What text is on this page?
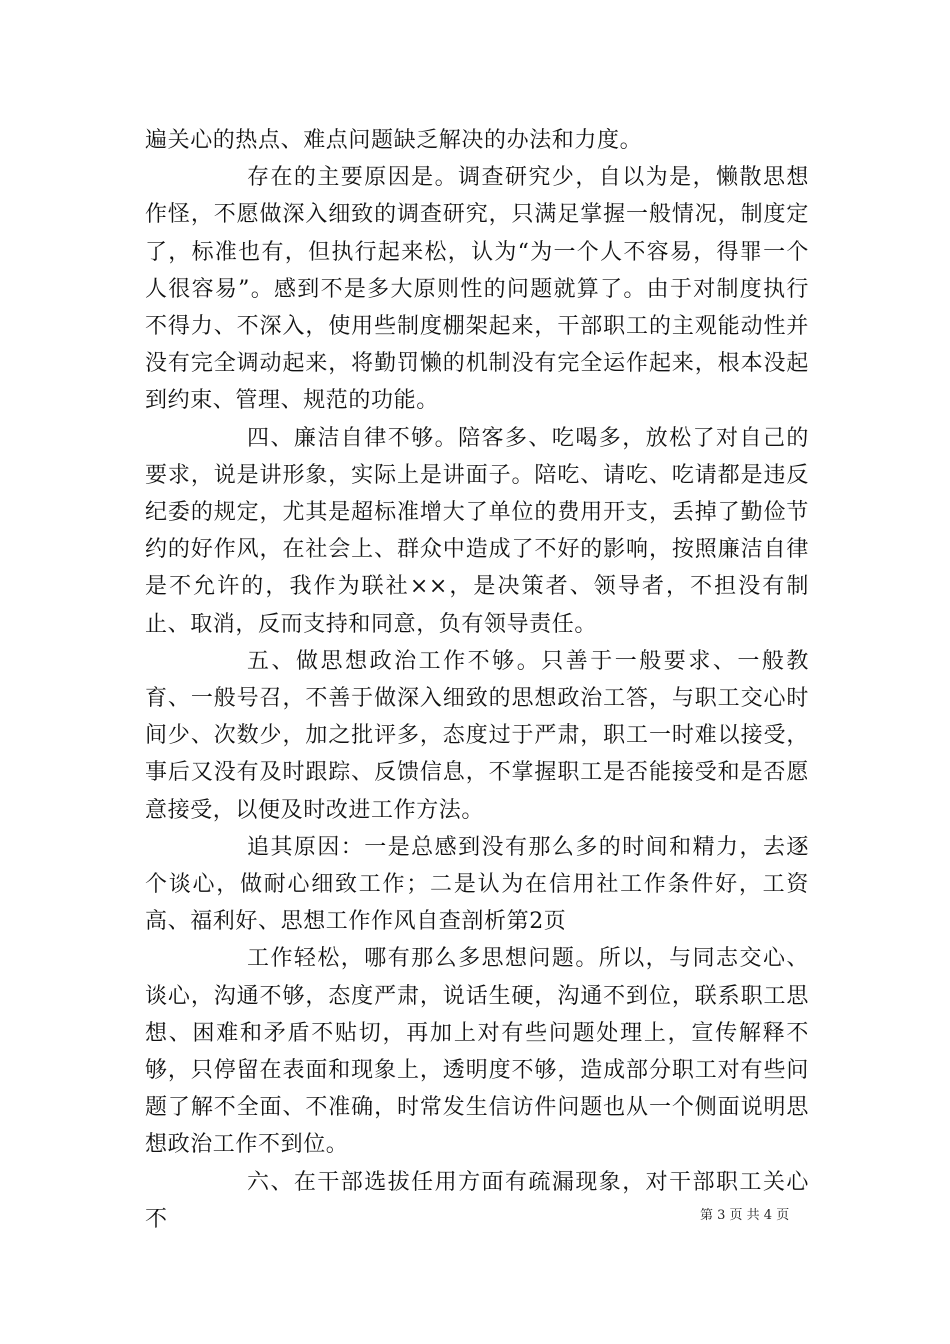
遍关心的热点、难点问题缺乏解决的办法和力度。

存在的主要原因是。调查研究少，自以为是，懒散思想作怪，不愿做深入细致的调查研究，只满足掌握一般情况，制度定了，标准也有，但执行起来松，认为“为一个人不容易，得罪一个人很容易”。感到不是多大原则性的问题就算了。由于对制度执行不得力、不深入，使用些制度棚架起来，干部职工的主观能动性并没有完全调动起来，将勤罚懒的机制没有完全运作起来，根本没起到约束、管理、规范的功能。

四、廉洁自律不够。陪客多、吃喝多，放松了对自己的要求，说是讲形象，实际上是讲面子。陪吃、请吃、吃请都是违反纪委的规定，尤其是超标准增大了单位的费用开支，丢掉了勤俭节约的好作风，在社会上、群众中造成了不好的影响，按照廉洁自律是不允许的，我作为联社××，是决策者、领导者，不担没有制止、取消，反而支持和同意，负有领导责任。

五、做思想政治工作不够。只善于一般要求、一般教育、一般号召，不善于做深入细致的思想政治工答，与职工交心时间少、次数少，加之批评多，态度过于严肃，职工一时难以接受，事后又没有及时跟踪、反馈信息，不掌握职工是否能接受和是否愿意接受，以便及时改进工作方法。

追其原因：一是总感到没有那么多的时间和精力，去逐个谈心，做耐心细致工作；二是认为在信用社工作条件好，工资高、福利好、思想工作作风自查剖析第2页

工作轻松，哪有那么多思想问题。所以，与同志交心、谈心，沟通不够，态度严肃，说话生硬，沟通不到位，联系职工思想、困难和矛盾不贴切，再加上对有些问题处理上，宣传解释不够，只停留在表面和现象上，透明度不够，造成部分职工对有些问题了解不全面、不准确，时常发生信访件问题也从一个侧面说明思想政治工作不到位。

六、在干部选拔任用方面有疏漏现象，对干部职工关心不	第 3 页 共 4 页
